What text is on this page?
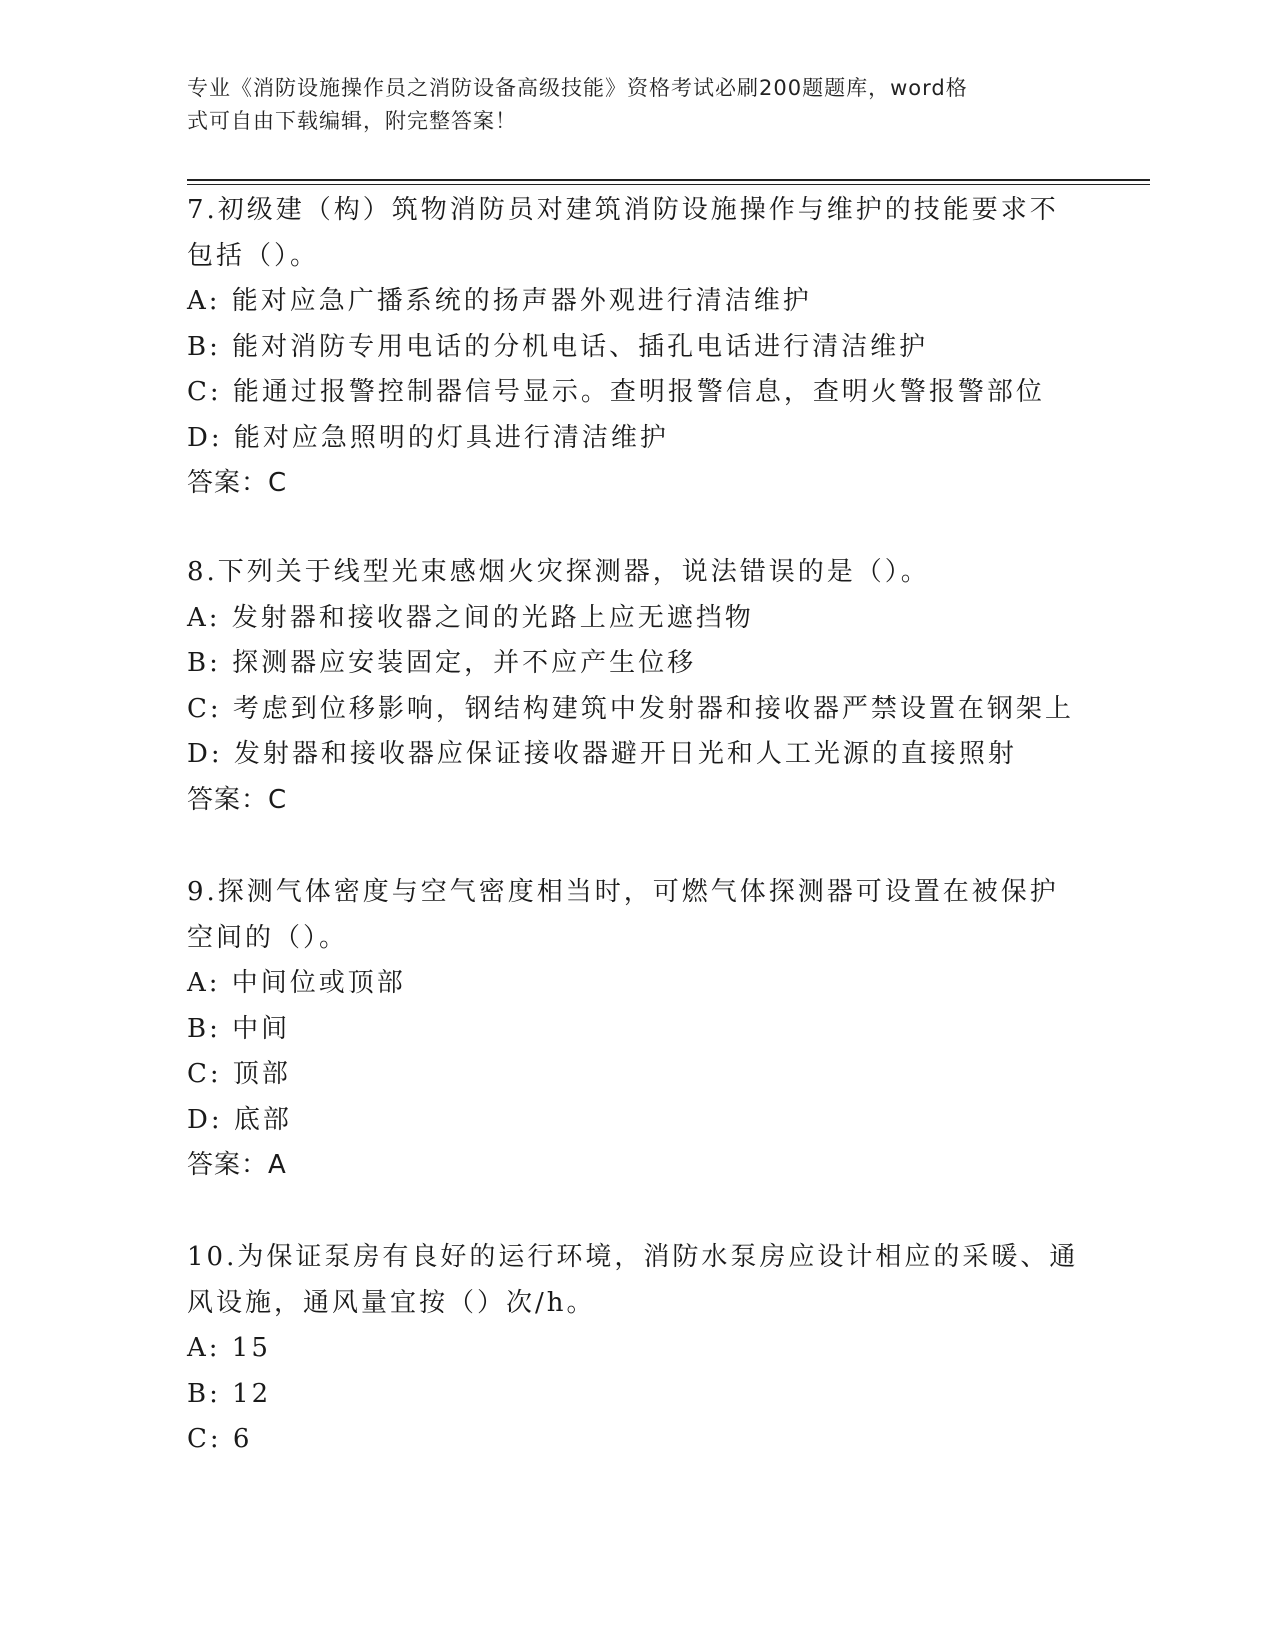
专业《消防设施操作员之消防设备高级技能》资格考试必刷200题题库，word格
式可自由下载编辑，附完整答案！
7.初级建（构）筑物消防员对建筑消防设施操作与维护的技能要求不
包括（）。
A: 能对应急广播系统的扬声器外观进行清洁维护
B: 能对消防专用电话的分机电话、插孔电话进行清洁维护
C: 能通过报警控制器信号显示。查明报警信息，查明火警报警部位
D: 能对应急照明的灯具进行清洁维护
答案：C
8.下列关于线型光束感烟火灾探测器，说法错误的是（）。
A: 发射器和接收器之间的光路上应无遮挡物
B: 探测器应安装固定，并不应产生位移
C: 考虑到位移影响，钢结构建筑中发射器和接收器严禁设置在钢架上
D: 发射器和接收器应保证接收器避开日光和人工光源的直接照射
答案：C
9.探测气体密度与空气密度相当时，可燃气体探测器可设置在被保护
空间的（）。
A: 中间位或顶部
B: 中间
C: 顶部
D: 底部
答案：A
10.为保证泵房有良好的运行环境，消防水泵房应设计相应的采暖、通
风设施，通风量宜按（）次/h。
A: 15
B: 12
C: 6
